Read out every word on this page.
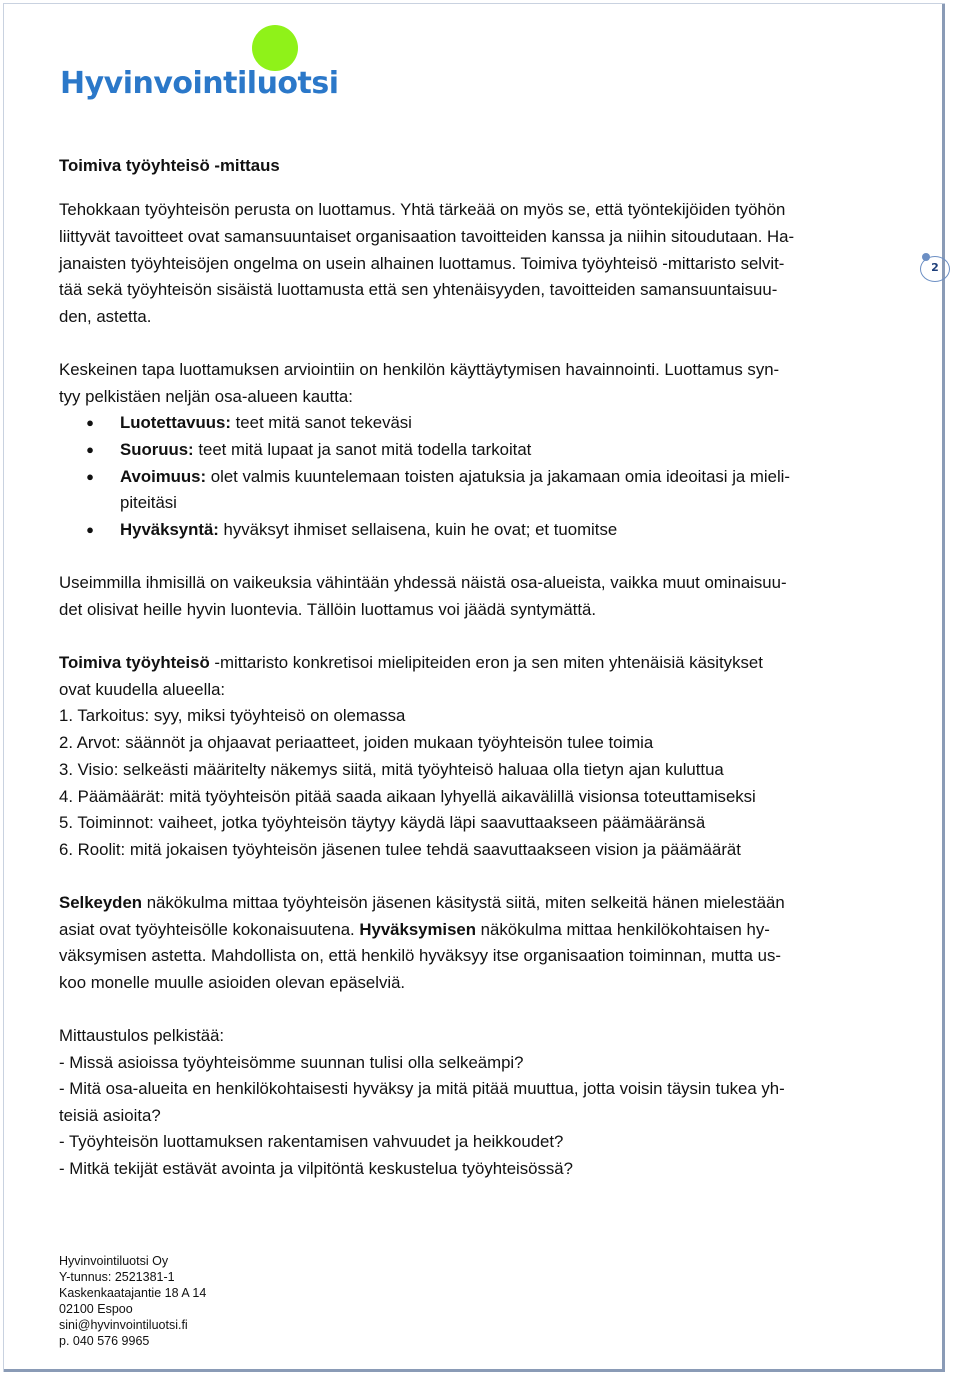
Hyvinvointiluotsi
2
Toimiva työyhteisö -mittaus
Tehokkaan työyhteisön perusta on luottamus. Yhtä tärkeää on myös se, että työntekijöiden työhön
liittyvät tavoitteet ovat samansuuntaiset organisaation tavoitteiden kanssa ja niihin sitoudutaan. Ha-
janaisten työyhteisöjen ongelma on usein alhainen luottamus. Toimiva työyhteisö -mittaristo selvit-
tää sekä työyhteisön sisäistä luottamusta että sen yhtenäisyyden, tavoitteiden samansuuntaisuu-
den, astetta.
Keskeinen tapa luottamuksen arviointiin on henkilön käyttäytymisen havainnointi. Luottamus syn-
tyy pelkistäen neljän osa-alueen kautta:
● Luotettavuus: teet mitä sanot tekeväsi
● Suoruus: teet mitä lupaat ja sanot mitä todella tarkoitat
● Avoimuus: olet valmis kuuntelemaan toisten ajatuksia ja jakamaan omia ideoitasi ja mieli-
piteitäsi
● Hyväksyntä: hyväksyt ihmiset sellaisena, kuin he ovat; et tuomitse
Useimmilla ihmisillä on vaikeuksia vähintään yhdessä näistä osa-alueista, vaikka muut ominaisuu-
det olisivat heille hyvin luontevia. Tällöin luottamus voi jäädä syntymättä.
Toimiva työyhteisö -mittaristo konkretisoi mielipiteiden eron ja sen miten yhtenäisiä käsitykset
ovat kuudella alueella:
1. Tarkoitus: syy, miksi työyhteisö on olemassa
2. Arvot: säännöt ja ohjaavat periaatteet, joiden mukaan työyhteisön tulee toimia
3. Visio: selkeästi määritelty näkemys siitä, mitä työyhteisö haluaa olla tietyn ajan kuluttua
4. Päämäärät: mitä työyhteisön pitää saada aikaan lyhyellä aikavälillä visionsa toteuttamiseksi
5. Toiminnot: vaiheet, jotka työyhteisön täytyy käydä läpi saavuttaakseen päämääränsä
6. Roolit: mitä jokaisen työyhteisön jäsenen tulee tehdä saavuttaakseen vision ja päämäärät
Selkeyden näkökulma mittaa työyhteisön jäsenen käsitystä siitä, miten selkeitä hänen mielestään
asiat ovat työyhteisölle kokonaisuutena. Hyväksymisen näkökulma mittaa henkilökohtaisen hy-
väksymisen astetta. Mahdollista on, että henkilö hyväksyy itse organisaation toiminnan, mutta us-
koo monelle muulle asioiden olevan epäselviä.
Mittaustulos pelkistää:
- Missä asioissa työyhteisömme suunnan tulisi olla selkeämpi?
- Mitä osa-alueita en henkilökohtaisesti hyväksy ja mitä pitää muuttua, jotta voisin täysin tukea yh-
teisiä asioita?
- Työyhteisön luottamuksen rakentamisen vahvuudet ja heikkoudet?
- Mitkä tekijät estävät avointa ja vilpitöntä keskustelua työyhteisössä?
Hyvinvointiluotsi Oy
Y-tunnus: 2521381-1
Kaskenkaatajantie 18 A 14
02100 Espoo
sini@hyvinvointiluotsi.fi
p. 040 576 9965
